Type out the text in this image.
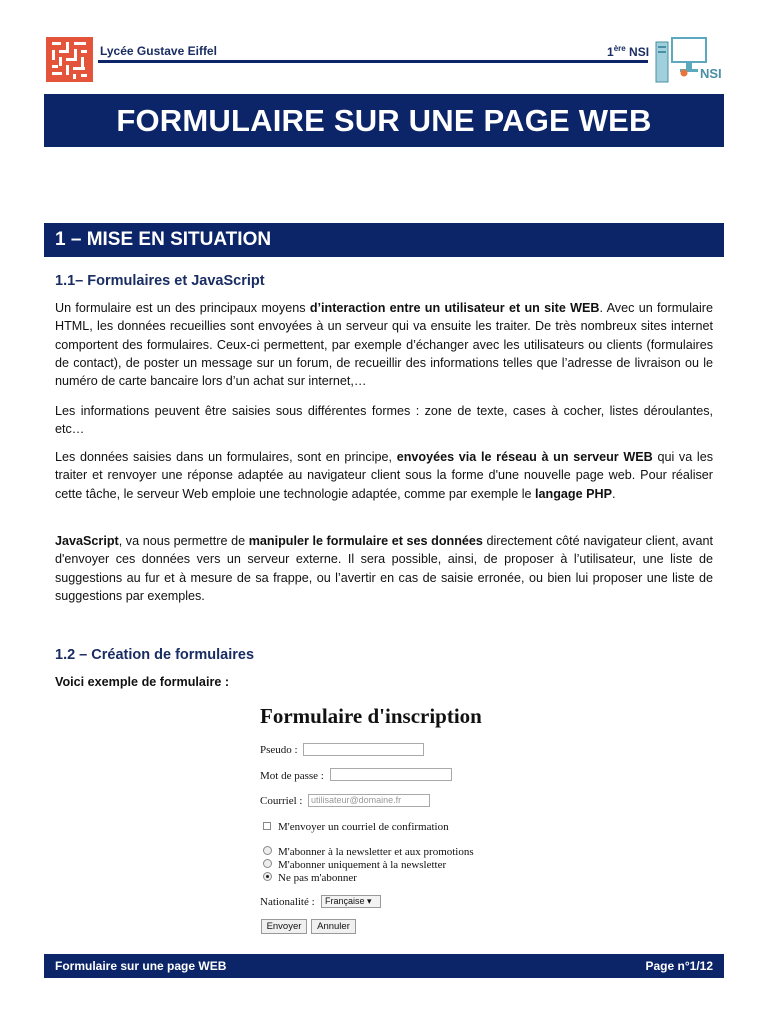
Lycée Gustave Eiffel	1ère NSI
NSI
FORMULAIRE SUR UNE PAGE WEB
1 – MISE EN SITUATION
1.1– Formulaires et JavaScript
Un formulaire est un des principaux moyens d’interaction entre un utilisateur et un site WEB. Avec un formulaire HTML, les données recueillies sont envoyées à un serveur qui va ensuite les traiter. De très nombreux sites internet comportent des formulaires. Ceux-ci permettent, par exemple d’échanger avec les utilisateurs ou clients (formulaires de contact), de poster un message sur un forum, de recueillir des informations telles que l’adresse de livraison ou le numéro de carte bancaire lors d’un achat sur internet,…
Les informations peuvent être saisies sous différentes formes : zone de texte, cases à cocher, listes déroulantes, etc…
Les données saisies dans un formulaires, sont en principe, envoyées via le réseau à un serveur WEB qui va les traiter et renvoyer une réponse adaptée au navigateur client sous la forme d'une nouvelle page web. Pour réaliser cette tâche, le serveur Web emploie une technologie adaptée, comme par exemple le langage PHP.
JavaScript, va nous permettre de manipuler le formulaire et ses données directement côté navigateur client, avant d'envoyer ces données vers un serveur externe. Il sera possible, ainsi, de proposer à l’utilisateur, une liste de suggestions au fur et à mesure de sa frappe, ou l’avertir en cas de saisie erronée, ou bien lui proposer une liste de suggestions par exemples.
1.2 – Création de formulaires
Voici exemple de formulaire :
Formulaire d'inscription
Pseudo :
Mot de passe :
Courriel : utilisateur@domaine.fr
M'envoyer un courriel de confirmation
M'abonner à la newsletter et aux promotions
M'abonner uniquement à la newsletter
Ne pas m'abonner
Nationalité :	Française ▾
Envoyer	Annuler
Formulaire sur une page WEB	Page n°1/12
